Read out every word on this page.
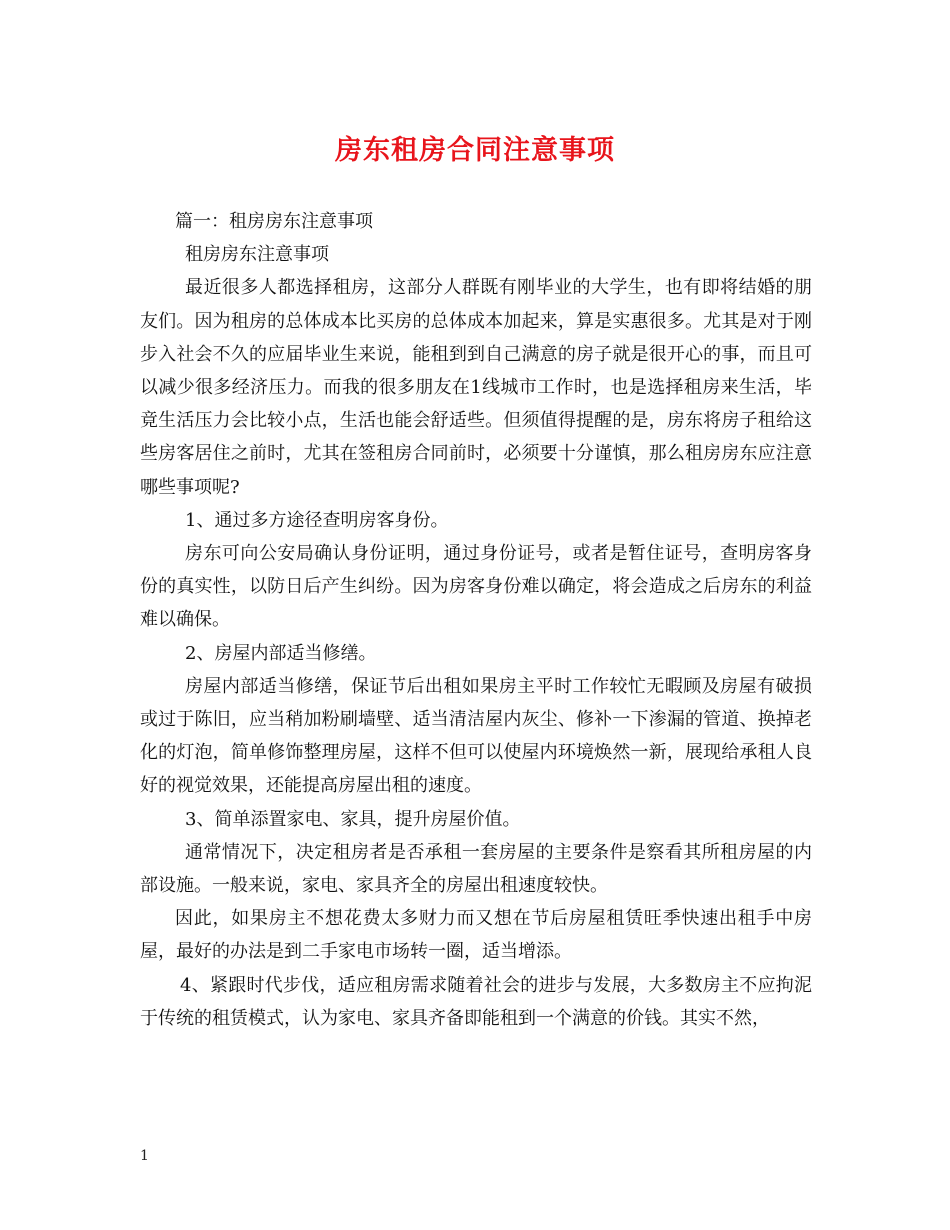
房东租房合同注意事项

篇一：租房房东注意事项

租房房东注意事项

最近很多人都选择租房，这部分人群既有刚毕业的大学生，也有即将结婚的朋友们。因为租房的总体成本比买房的总体成本加起来，算是实惠很多。尤其是对于刚步入社会不久的应届毕业生来说，能租到到自己满意的房子就是很开心的事，而且可以减少很多经济压力。而我的很多朋友在1线城市工作时，也是选择租房来生活，毕竟生活压力会比较小点，生活也能会舒适些。但须值得提醒的是，房东将房子租给这些房客居住之前时，尤其在签租房合同前时，必须要十分谨慎，那么租房房东应注意哪些事项呢?

1、通过多方途径查明房客身份。

房东可向公安局确认身份证明，通过身份证号，或者是暂住证号，查明房客身份的真实性，以防日后产生纠纷。因为房客身份难以确定，将会造成之后房东的利益难以确保。

2、房屋内部适当修缮。

房屋内部适当修缮，保证节后出租如果房主平时工作较忙无暇顾及房屋有破损或过于陈旧，应当稍加粉刷墙壁、适当清洁屋内灰尘、修补一下渗漏的管道、换掉老化的灯泡，简单修饰整理房屋，这样不但可以使屋内环境焕然一新，展现给承租人良好的视觉效果，还能提高房屋出租的速度。

3、简单添置家电、家具，提升房屋价值。

通常情况下，决定租房者是否承租一套房屋的主要条件是察看其所租房屋的内部设施。一般来说，家电、家具齐全的房屋出租速度较快。

因此，如果房主不想花费太多财力而又想在节后房屋租赁旺季快速出租手中房屋，最好的办法是到二手家电市场转一圈，适当增添。

4、紧跟时代步伐，适应租房需求随着社会的进步与发展，大多数房主不应拘泥于传统的租赁模式，认为家电、家具齐备即能租到一个满意的价钱。其实不然，

1
